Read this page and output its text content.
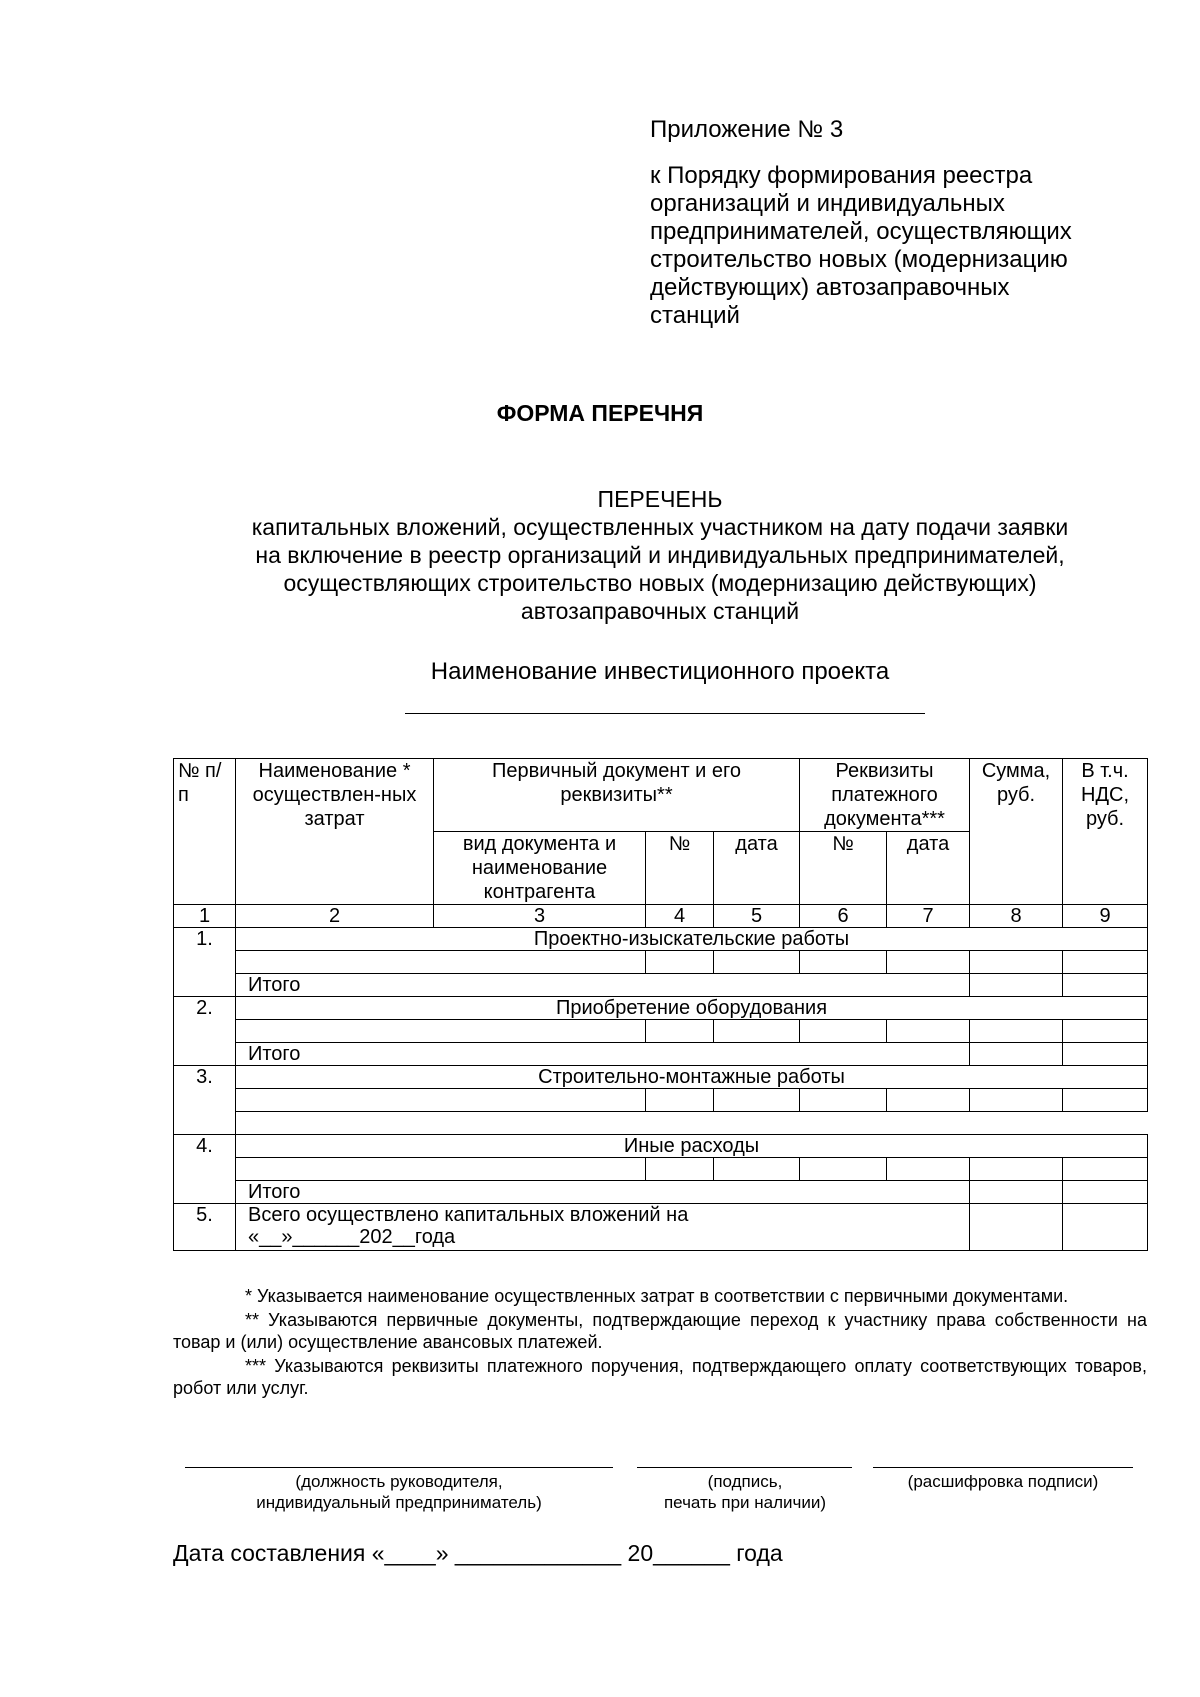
Приложение № 3
к Порядку формирования реестра
организаций и индивидуальных
предпринимателей, осуществляющих
строительство новых (модернизацию
действующих) автозаправочных
станций
ФОРМА ПЕРЕЧНЯ
ПЕРЕЧЕНЬ
капитальных вложений, осуществленных участником на дату подачи заявки
на включение в реестр организаций и индивидуальных предпринимателей,
осуществляющих строительство новых (модернизацию действующих)
автозаправочных станций
Наименование инвестиционного проекта
№ п/п	Наименование * осуществлен-ных затрат	Первичный документ и его реквизиты**			Реквизиты платежного документа***		Сумма, руб.	В т.ч. НДС, руб.
		вид документа и наименование контрагента	№	дата	№	дата		
1	2	3	4	5	6	7	8	9
1.	Проектно-изыскательские работы							

	Итого							
2.	Приобретение оборудования							

	Итого							
3.	Строительно-монтажные работы							

4.	Иные расходы							

	Итого							
5.	Всего осуществлено капитальных вложений на
«__»______202__года							

* Указывается наименование осуществленных затрат в соответствии с первичными документами.

** Указываются первичные документы, подтверждающие переход к участнику права собственности на товар и (или) осуществление авансовых платежей.

*** Указываются реквизиты платежного поручения, подтверждающего оплату соответствующих товаров, робот или услуг.

(должность руководителя,
индивидуальный предприниматель)
(подпись,
печать при наличии)
(расшифровка подписи)
Дата составления «____» _____________ 20______ года
